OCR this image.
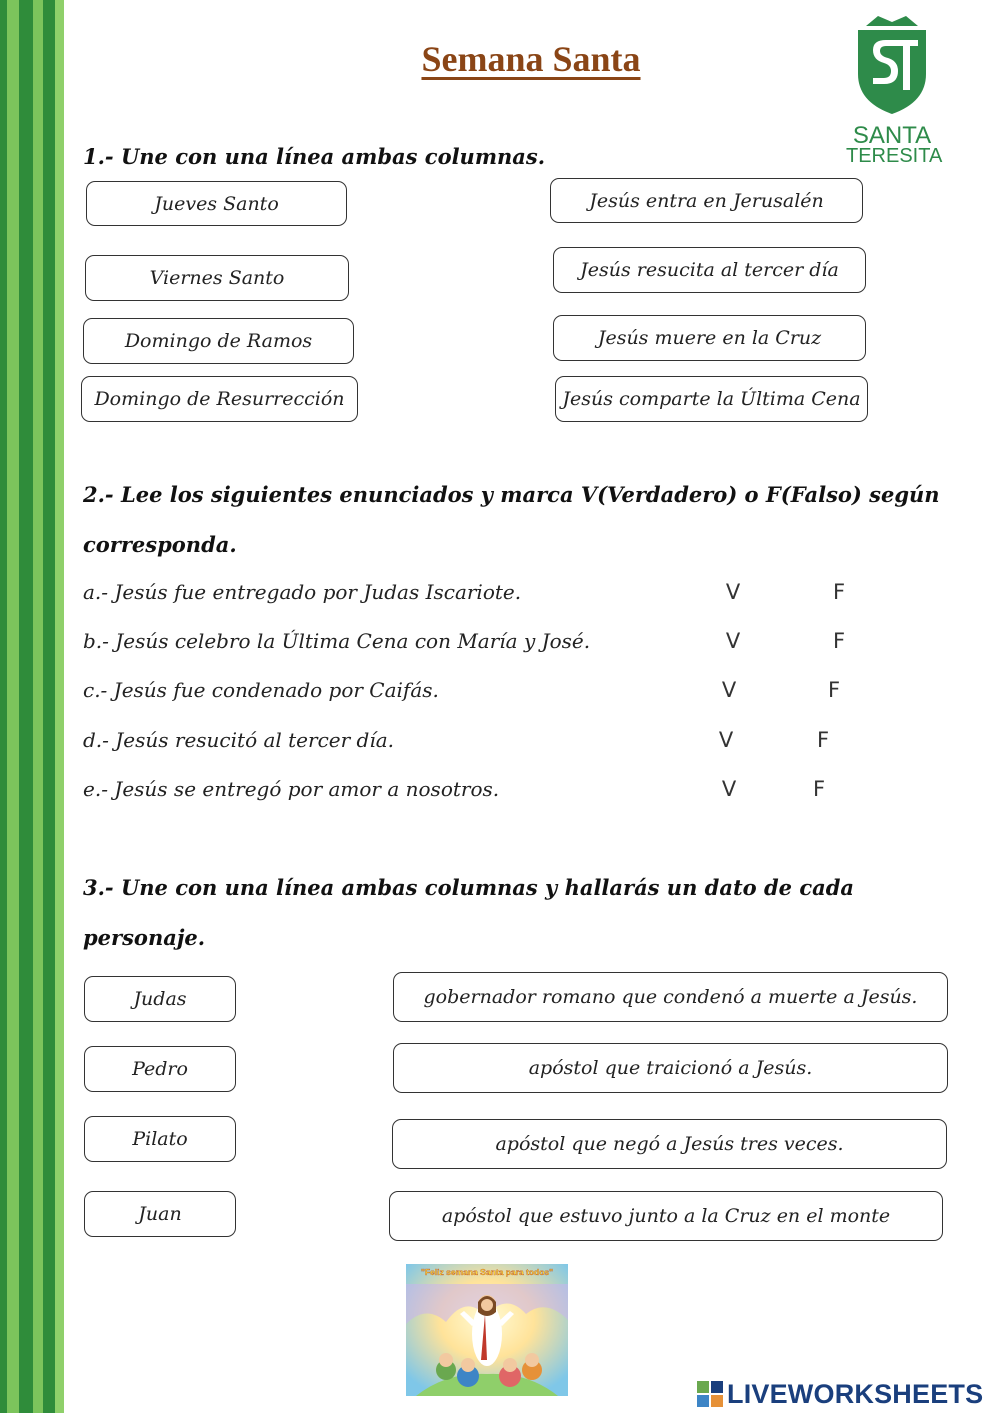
Semana Santa
SANTA
TERESITA
1.- Une con una línea ambas columnas.
Jueves Santo
Viernes Santo
Domingo de Ramos
Domingo de Resurrección
Jesús entra en Jerusalén
Jesús resucita al tercer día
Jesús muere en la Cruz
Jesús comparte la Última Cena
2.- Lee los siguientes enunciados y marca V(Verdadero) o F(Falso) según
corresponda.
a.- Jesús fue entregado por Judas Iscariote.	V	F
b.- Jesús celebro la Última Cena con María y José.	V	F
c.- Jesús fue condenado por Caifás.	V	F
d.- Jesús resucitó al tercer día.	V	F
e.- Jesús se entregó por amor a nosotros.	V	F
3.- Une con una línea ambas columnas y hallarás un dato de cada
personaje.
Judas
Pedro
Pilato
Juan
gobernador romano que condenó a muerte a Jesús.
apóstol que traicionó a Jesús.
apóstol que negó a Jesús tres veces.
apóstol que estuvo junto a la Cruz en el monte
"Feliz semana Santa para todos"
LIVEWORKSHEETS
